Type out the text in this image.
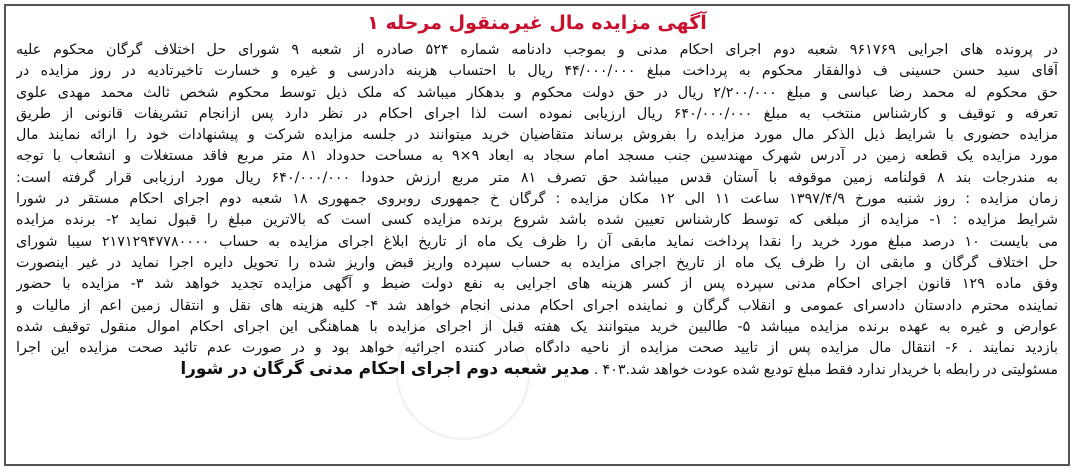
آگهی مزایده مال غیرمنقول مرحله ۱
در پرونده های اجرایی ۹۶۱۷۶۹ شعبه دوم اجرای احکام مدنی و بموجب دادنامه شماره ۵۲۴ صادره از شعبه ۹ شورای حل اختلاف گرگان محکوم علیه
آقای سید حسن حسینی ف ذوالفقار محکوم به پرداخت مبلغ ۴۴/۰۰۰/۰۰۰ ریال با احتساب هزینه دادرسی و غیره و خسارت تاخیرتادیه در روز مزایده در
حق محکوم له محمد رضا عباسی و مبلغ ۲/۲۰۰/۰۰۰ ریال در حق دولت محکوم و بدهکار میباشد که ملک ذیل توسط محکوم شخص ثالث محمد مهدی علوی
تعرفه و توقیف و کارشناس منتخب به مبلغ ۶۴۰/۰۰۰/۰۰۰ ریال ارزیابی نموده است لذا اجرای احکام در نظر دارد پس ازانجام تشریفات قانونی از طریق
مزایده حضوری با شرایط ذیل الذکر مال مورد مزایده را بفروش برساند متقاضیان خرید میتوانند در جلسه مزایده شرکت و پیشنهادات خود را ارائه نمایند مال
مورد مزایده یک قطعه زمین در آدرس شهرک مهندسین جنب مسجد امام سجاد به ابعاد ۹×۹ به مساحت حدوداد ۸۱ متر مربع فاقد مستغلات و انشعاب با توجه
به مندرجات بند ۸ قولنامه زمین موقوفه با آستان قدس میباشد حق تصرف ۸۱ متر مربع ارزش حدودا ۶۴۰/۰۰۰/۰۰۰ ریال مورد ارزیابی قرار گرفته است:
زمان مزایده : روز شنبه مورخ ۱۳۹۷/۴/۹ ساعت ۱۱ الی ۱۲ مکان مزایده : گرگان خ جمهوری روبروی جمهوری ۱۸ شعبه دوم اجرای احکام مستقر در شورا
شرایط مزایده : ۱- مزایده از مبلغی که توسط کارشناس تعیین شده باشد شروع برنده مزایده کسی است که بالاترین مبلغ را قبول نماید ۲- برنده مزایده
می بایست ۱۰ درصد مبلغ مورد خرید را نقدا پرداخت نماید مابقی آن را ظرف یک ماه از تاریخ ابلاغ اجرای مزایده به حساب ۲۱۷۱۲۹۴۷۷۸۰۰۰۰ سیبا شورای
حل اختلاف گرگان و مابقی ان را ظرف یک ماه از تاریخ اجرای مزایده به حساب سپرده واریز قبض واریز شده را تحویل دایره اجرا نماید در غیر اینصورت
وفق ماده ۱۲۹ قانون اجرای احکام مدنی سپرده پس از کسر هزینه های اجرایی به نفع دولت ضبط و آگهی مزایده تجدید خواهد شد ۳- مزایده با حضور
نماینده محترم دادستان دادسرای عمومی و انقلاب گرگان و نماینده اجرای احکام مدنی انجام خواهد شد ۴- کلیه هزینه های نقل و انتقال زمین اعم از مالیات و
عوارض و غیره به عهده برنده مزایده میباشد ۵- طالبین خرید میتوانند یک هفته قبل از اجرای مزایده با هماهنگی این اجرای احکام اموال منقول توقیف شده
بازدید نمایند . ۶- انتقال مال مزایده پس از تایید صحت مزایده از ناحیه دادگاه صادر کننده اجرائیه خواهد بود و در صورت عدم تائید صحت مزایده این اجرا
مسئولیتی در رابطه با خریدار ندارد فقط مبلغ تودیع شده عودت خواهد شد.۴۰۳ . مدیر شعبه دوم اجرای احکام مدنی گرگان در شورا
